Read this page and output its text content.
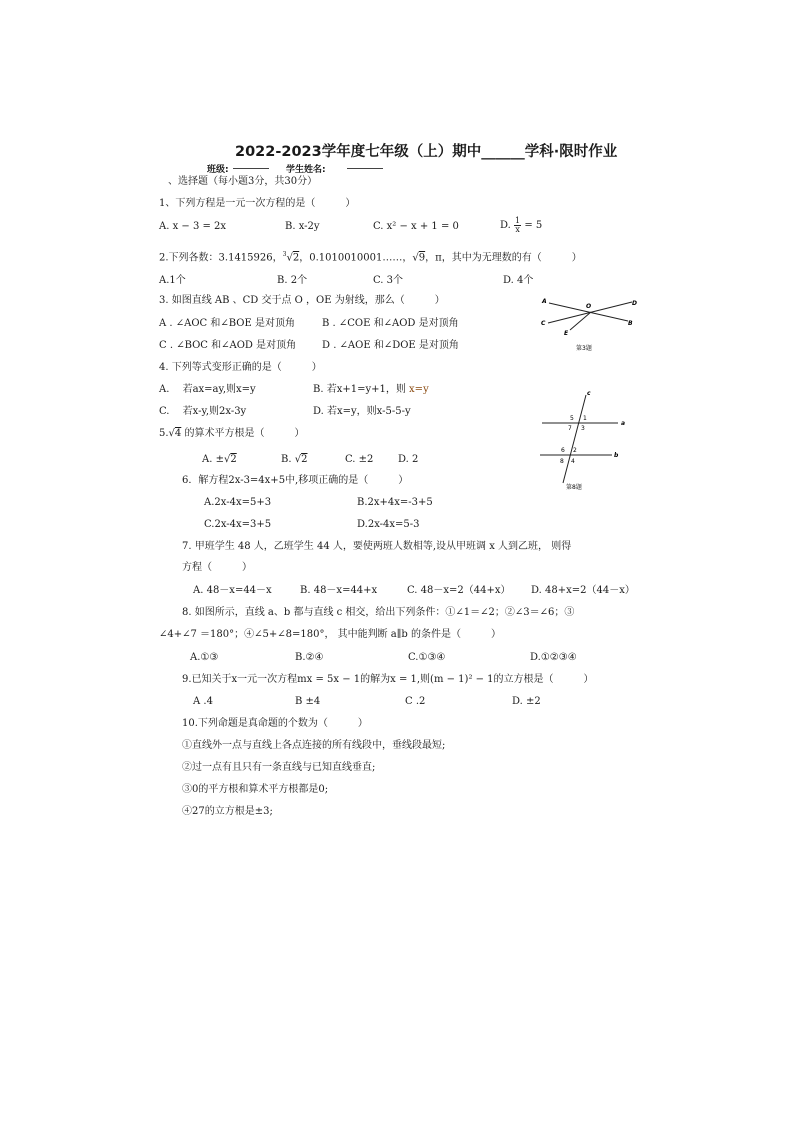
2022-2023学年度七年级（上）期中______学科·限时作业
班级: ________ 学生姓名: ________
、选择题（每小题3分，共30分）
1、下列方程是一元一次方程的是（　　　）
A. x − 3 = 2x	B. x-2y	C. x² − x + 1 = 0	D. $\frac{1}{x} = 5$
2.下列各数：3.1415926，$^3$√2，0.1010010001……，√9，π，其中为无理数的有（　　　）
A.1个	B. 2个	C. 3个	D. 4个
3. 如图直线 AB 、CD 交于点 O ，OE 为射线，那么（　　　）
A . ∠AOC 和∠BOE 是对顶角	B . ∠COE 和∠AOD 是对顶角
C . ∠BOC 和∠AOD 是对顶角	D . ∠AOE 和∠DOE 是对顶角
A
O	D
C
E
B
第3题
4. 下列等式变形正确的是（　　　）
A.　 若ax=ay,则x=y	B. 若x+1=y+1，则 x=y
C.　 若x-y,则2x-3y	D. 若x=y，则x-5-5-y
c
a
b
5 1
7 3
6 2
8 4
第8题
5.√4 的算术平方根是（　　　）
A. ±√2	B. √2	C. ±2 D. 2
6．解方程2x-3=4x+5中,移项正确的是（　　　）
A.2x-4x=5+3	B.2x+4x=-3+5
C.2x-4x=3+5	D.2x-4x=5-3
7. 甲班学生 48 人，乙班学生 44 人，要使两班人数相等,设从甲班调 x 人到乙班， 则得
方程（　　　）
A. 48－x=44－x	B. 48－x=44+x	C. 48－x=2（44+x） D. 48+x=2（44－x）
8. 如图所示，直线 a、b 都与直线 c 相交，给出下列条件：①∠1＝∠2；②∠3＝∠6；③
∠4+∠7 ＝180°；④∠5+∠8=180°， 其中能判断 a∥b 的条件是（　　　）
A.①③	B.②④	C.①③④	D.①②③④
9.已知关于x一元一次方程mx = 5x − 1的解为x = 1,则(m − 1)² − 1的立方根是（　　　）
A .4	B ±4	C .2	D. ±2
10.下列命题是真命题的个数为（　　　）
①直线外一点与直线上各点连接的所有线段中，垂线段最短;
②过一点有且只有一条直线与已知直线垂直;
③0的平方根和算术平方根都是0;
④27的立方根是±3;
